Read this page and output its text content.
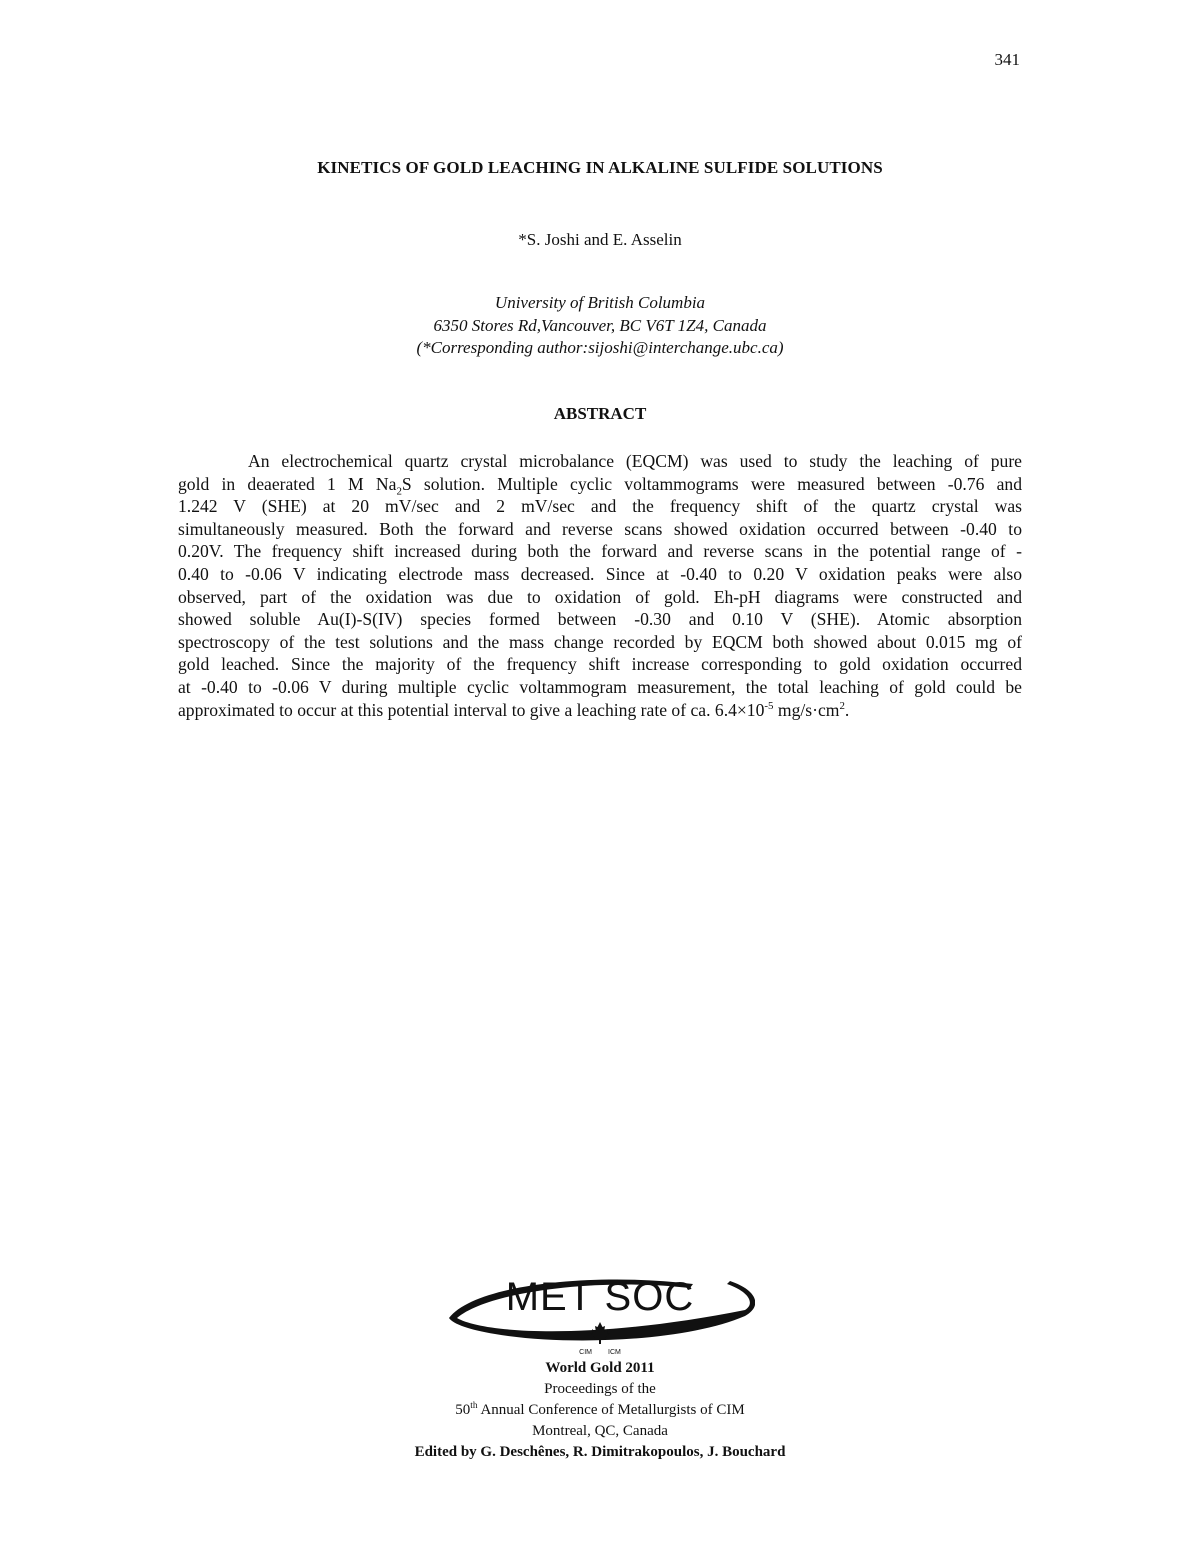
341
KINETICS OF GOLD LEACHING IN ALKALINE SULFIDE SOLUTIONS
*S. Joshi and E. Asselin
University of British Columbia
6350 Stores Rd,Vancouver, BC V6T 1Z4, Canada
(*Corresponding author:sijoshi@interchange.ubc.ca)
ABSTRACT
An electrochemical quartz crystal microbalance (EQCM) was used to study the leaching of pure
gold in deaerated 1 M $Na_2S$ solution. Multiple cyclic voltammograms were measured between -0.76 and
1.242 V (SHE) at 20 mV/sec and 2 mV/sec and the frequency shift of the quartz crystal was
simultaneously measured. Both the forward and reverse scans showed oxidation occurred between -0.40 to
0.20V. The frequency shift increased during both the forward and reverse scans in the potential range of -
0.40 to -0.06 V indicating electrode mass decreased. Since at -0.40 to 0.20 V oxidation peaks were also
observed, part of the oxidation was due to oxidation of gold. Eh-pH diagrams were constructed and
showed soluble Au(I)-S(IV) species formed between -0.30 and 0.10 V (SHE). Atomic absorption
spectroscopy of the test solutions and the mass change recorded by EQCM both showed about 0.015 mg of
gold leached. Since the majority of the frequency shift increase corresponding to gold oxidation occurred
at -0.40 to -0.06 V during multiple cyclic voltammogram measurement, the total leaching of gold could be
approximated to occur at this potential interval to give a leaching rate of ca. $6.4\times 10^{-5}$ $mg/s\cdot cm^2$.
MET SOC
CIM ICM
World Gold 2011
Proceedings of the
50th Annual Conference of Metallurgists of CIM
Montreal, QC, Canada
Edited by G. Deschênes, R. Dimitrakopoulos, J. Bouchard
